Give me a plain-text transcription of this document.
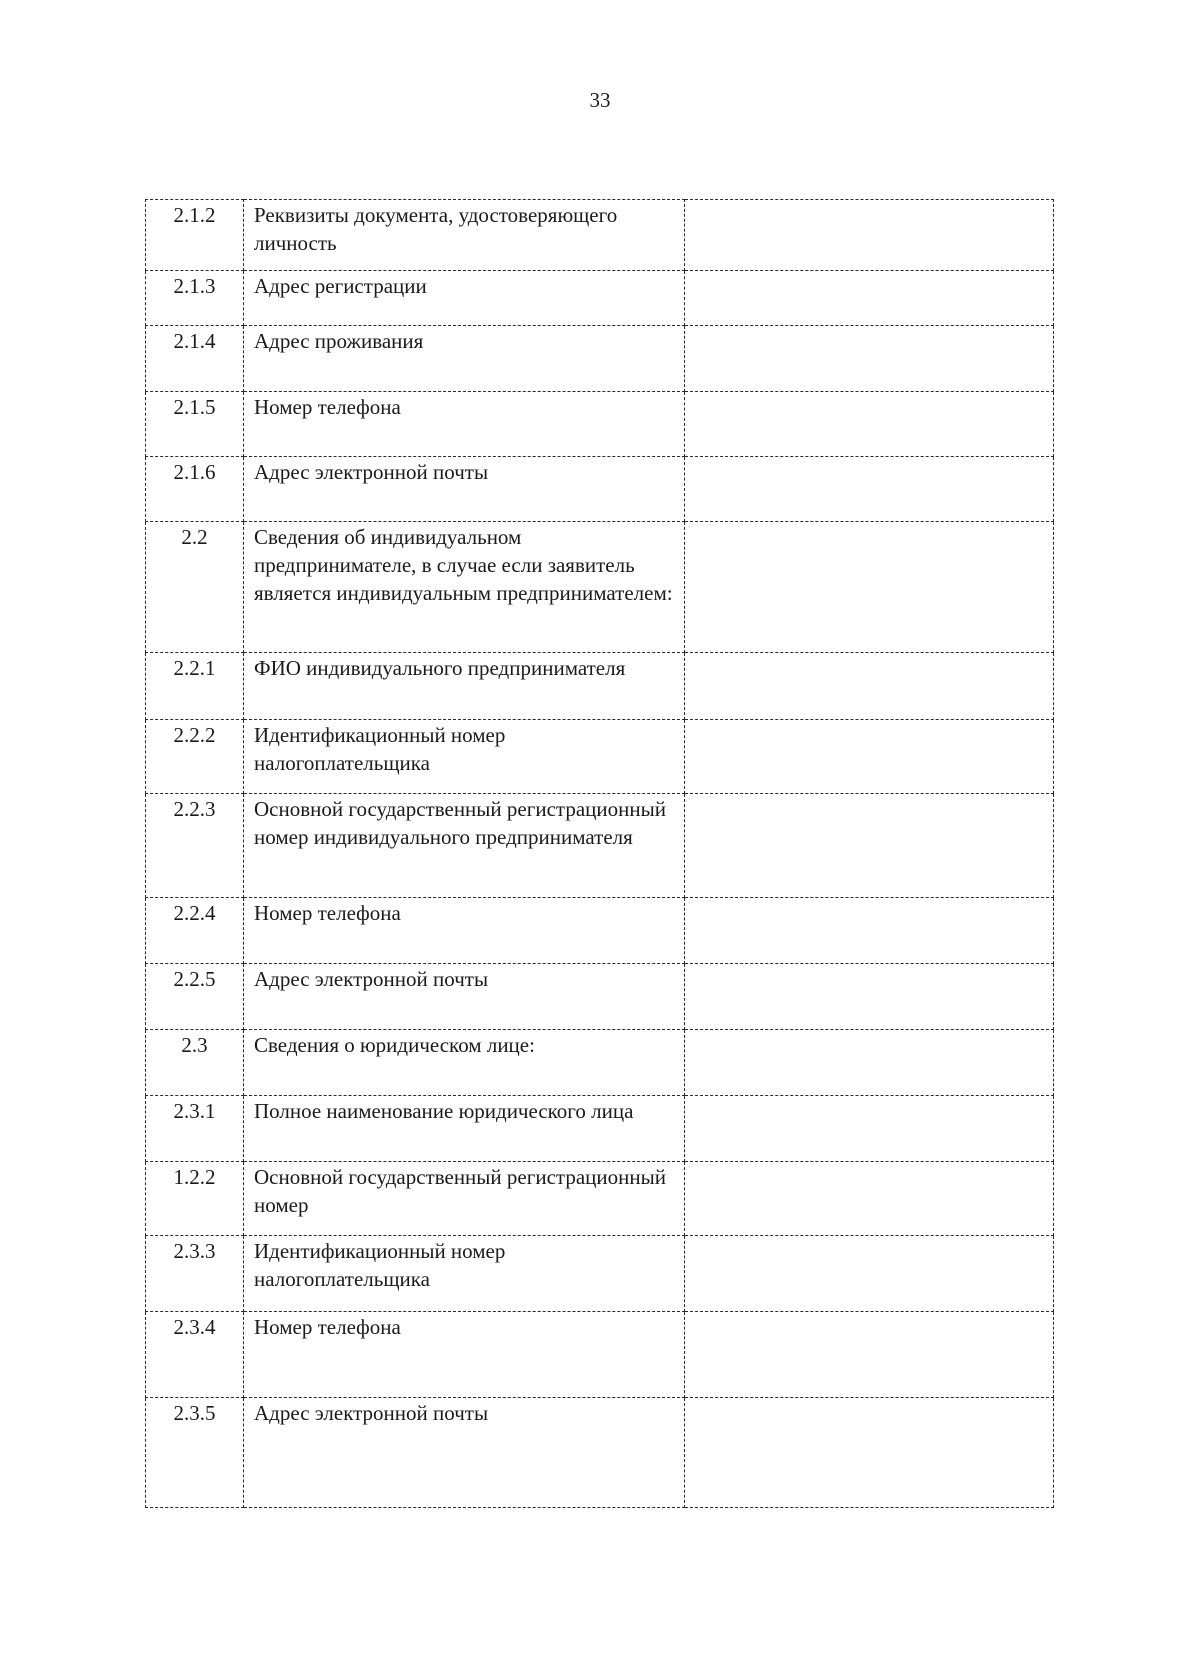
33
2.1.2	Реквизиты документа, удостоверяющего личность	
2.1.3	Адрес регистрации	
2.1.4	Адрес проживания	
2.1.5	Номер телефона	
2.1.6	Адрес электронной почты	
2.2	Сведения об индивидуальном предпринимателе, в случае если заявитель является индивидуальным предпринимателем:	
2.2.1	ФИО индивидуального предпринимателя	
2.2.2	Идентификационный номер налогоплательщика	
2.2.3	Основной государственный регистрационный номер индивидуального предпринимателя	
2.2.4	Номер телефона	
2.2.5	Адрес электронной почты	
2.3	Сведения о юридическом лице:	
2.3.1	Полное наименование юридического лица	
1.2.2	Основной государственный регистрационный номер	
2.3.3	Идентификационный номер налогоплательщика	
2.3.4	Номер телефона	
2.3.5	Адрес электронной почты	
